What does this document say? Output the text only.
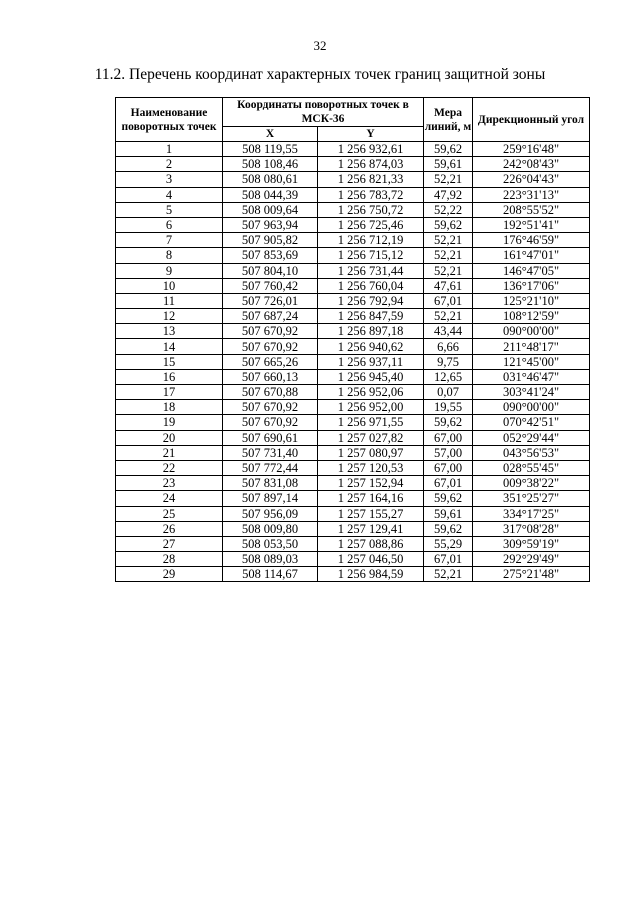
32
11.2. Перечень координат характерных точек границ защитной зоны
Наименование поворотных точек	Координаты поворотных точек в МСК-36		Мера линий, м	Дирекционный угол
	X	Y		
1	508 119,55	1 256 932,61	59,62	259°16'48"
2	508 108,46	1 256 874,03	59,61	242°08'43"
3	508 080,61	1 256 821,33	52,21	226°04'43"
4	508 044,39	1 256 783,72	47,92	223°31'13"
5	508 009,64	1 256 750,72	52,22	208°55'52"
6	507 963,94	1 256 725,46	59,62	192°51'41"
7	507 905,82	1 256 712,19	52,21	176°46'59"
8	507 853,69	1 256 715,12	52,21	161°47'01"
9	507 804,10	1 256 731,44	52,21	146°47'05"
10	507 760,42	1 256 760,04	47,61	136°17'06"
11	507 726,01	1 256 792,94	67,01	125°21'10"
12	507 687,24	1 256 847,59	52,21	108°12'59"
13	507 670,92	1 256 897,18	43,44	090°00'00"
14	507 670,92	1 256 940,62	6,66	211°48'17"
15	507 665,26	1 256 937,11	9,75	121°45'00"
16	507 660,13	1 256 945,40	12,65	031°46'47"
17	507 670,88	1 256 952,06	0,07	303°41'24"
18	507 670,92	1 256 952,00	19,55	090°00'00"
19	507 670,92	1 256 971,55	59,62	070°42'51"
20	507 690,61	1 257 027,82	67,00	052°29'44"
21	507 731,40	1 257 080,97	57,00	043°56'53"
22	507 772,44	1 257 120,53	67,00	028°55'45"
23	507 831,08	1 257 152,94	67,01	009°38'22"
24	507 897,14	1 257 164,16	59,62	351°25'27"
25	507 956,09	1 257 155,27	59,61	334°17'25"
26	508 009,80	1 257 129,41	59,62	317°08'28"
27	508 053,50	1 257 088,86	55,29	309°59'19"
28	508 089,03	1 257 046,50	67,01	292°29'49"
29	508 114,67	1 256 984,59	52,21	275°21'48"
